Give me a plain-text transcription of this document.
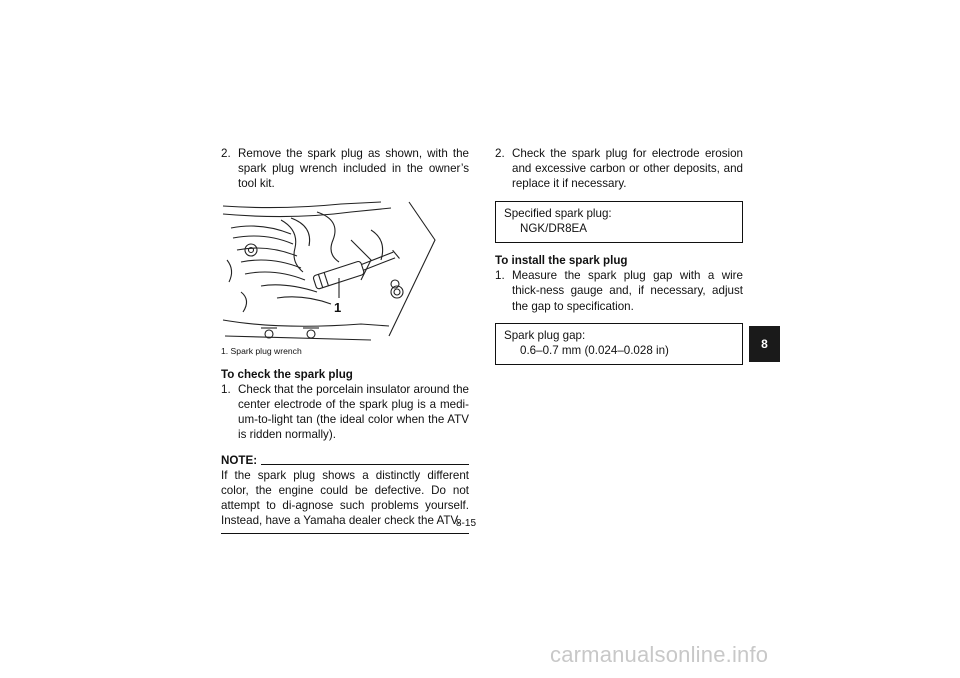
2. Remove the spark plug as shown, with the spark plug wrench included in the owner’s tool kit.
1
1. Spark plug wrench
To check the spark plug
1. Check that the porcelain insulator around the center electrode of the spark plug is a medi-um-to-light tan (the ideal color when the ATV is ridden normally).
NOTE:
If the spark plug shows a distinctly different color, the engine could be defective. Do not attempt to di-agnose such problems yourself. Instead, have a Yamaha dealer check the ATV.
2. Check the spark plug for electrode erosion and excessive carbon or other deposits, and replace it if necessary.
Specified spark plug:
NGK/DR8EA
To install the spark plug
1. Measure the spark plug gap with a wire thick-ness gauge and, if necessary, adjust the gap to specification.
Spark plug gap:
0.6–0.7 mm (0.024–0.028 in)
8-15
8
carmanualsonline.info
